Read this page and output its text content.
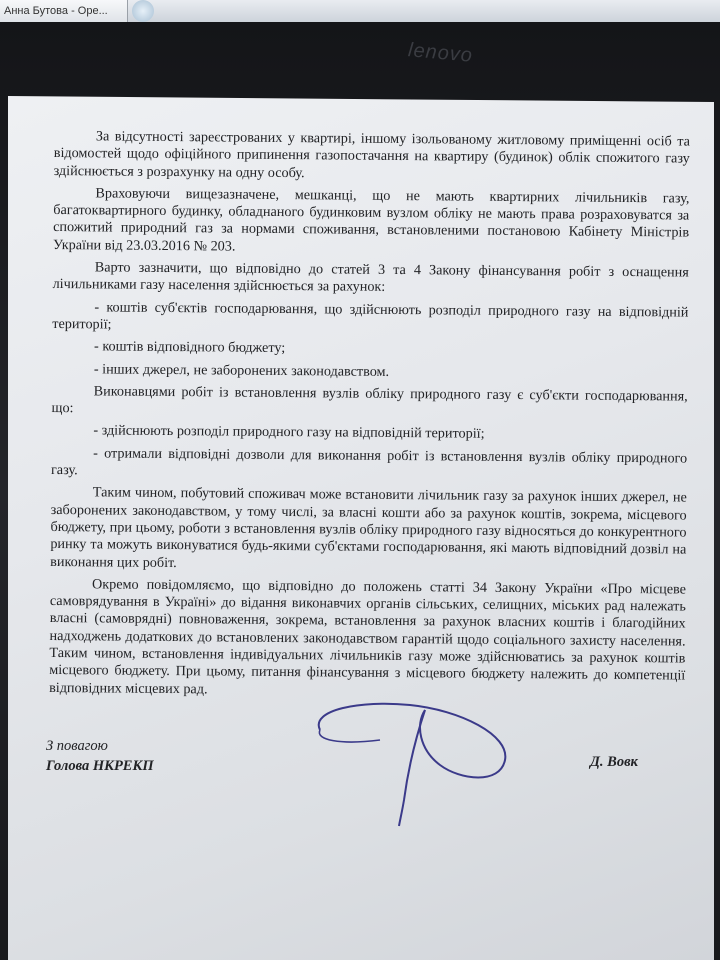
Анна Бутова - Оре...
lenovo

За відсутності зареєстрованих у квартирі, іншому ізольованому житловому приміщенні осіб та відомостей щодо офіційного припинення газопостачання на квартиру (будинок) облік спожитого газу здійснюється з розрахунку на одну особу.

Враховуючи вищезазначене, мешканці, що не мають квартирних лічильників газу, багатоквартирного будинку, обладнаного будинковим вузлом обліку не мають права розраховуватся за спожитий природний газ за нормами споживання, встановленими постановою Кабінету Міністрів України від 23.03.2016 № 203.

Варто зазначити, що відповідно до статей 3 та 4 Закону фінансування робіт з оснащення лічильниками газу населення здійснюється за рахунок:

- коштів суб'єктів господарювання, що здійснюють розподіл природного газу на відповідній території;

- коштів відповідного бюджету;

- інших джерел, не заборонених законодавством.

Виконавцями робіт із встановлення вузлів обліку природного газу є суб'єкти господарювання, що:

- здійснюють розподіл природного газу на відповідній території;

- отримали відповідні дозволи для виконання робіт із встановлення вузлів обліку природного газу.

Таким чином, побутовий споживач може встановити лічильник газу за рахунок інших джерел, не заборонених законодавством, у тому числі, за власні кошти або за рахунок коштів, зокрема, місцевого бюджету, при цьому, роботи з встановлення вузлів обліку природного газу відносяться до конкурентного ринку та можуть виконуватися будь-якими суб'єктами господарювання, які мають відповідний дозвіл на виконання цих робіт.

Окремо повідомляємо, що відповідно до положень статті 34 Закону України «Про місцеве самоврядування в Україні» до відання виконавчих органів сільських, селищних, міських рад належать власні (самоврядні) повноваження, зокрема, встановлення за рахунок власних коштів і благодійних надходжень додаткових до встановлених законодавством гарантій щодо соціального захисту населення. Таким чином, встановлення індивідуальних лічильників газу може здійснюватись за рахунок коштів місцевого бюджету. При цьому, питання фінансування з місцевого бюджету належить до компетенції відповідних місцевих рад.

З повагою
Голова НКРЕКП	Д. Вовк
